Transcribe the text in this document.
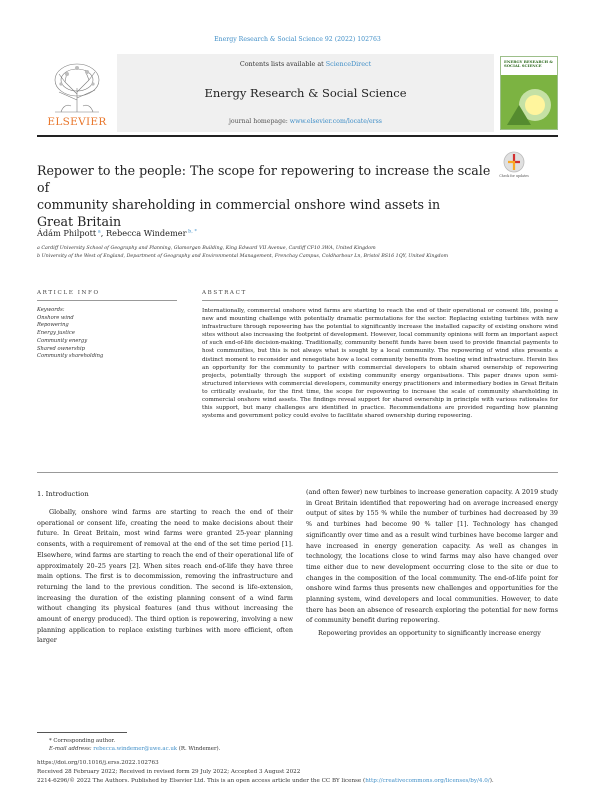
Energy Research & Social Science 92 (2022) 102763
ELSEVIER
Contents lists available at ScienceDirect
Energy Research & Social Science
journal homepage: www.elsevier.com/locate/erss
ENERGY RESEARCH & SOCIAL SCIENCE
Repower to the people: The scope for repowering to increase the scale of
community shareholding in commercial onshore wind assets in
Great Britain
Check for updates
Ádám Philpott $^a$, Rebecca Windemer $^{b, *}$
a Cardiff University School of Geography and Planning, Glamorgan Building, King Edward VII Avenue, Cardiff CF10 3WA, United Kingdom
b University of the West of England, Department of Geography and Environmental Management, Frenchay Campus, Coldharbour Ln, Bristol BS16 1QY, United Kingdom
ARTICLE INFO	ABSTRACT
Keywords:
Onshore wind
Repowering
Energy justice
Community energy
Shared ownership
Community shareholding
Internationally, commercial onshore wind farms are starting to reach the end of their operational or consent life, posing a new and mounting challenge with potentially dramatic permutations for the sector. Replacing existing turbines with new infrastructure through repowering has the potential to significantly increase the installed capacity of existing onshore wind sites without also increasing the footprint of development. However, local community opinions will form an important aspect of such end-of-life decision-making. Traditionally, community benefit funds have been used to provide financial payments to host communities, but this is not always what is sought by a local community. The repowering of wind sites presents a distinct moment to reconsider and renegotiate how a local community benefits from hosting wind infrastructure. Herein lies an opportunity for the community to partner with commercial developers to obtain shared ownership of repowering projects, potentially through the support of existing community energy organisations. This paper draws upon semi-structured interviews with commercial developers, community energy practitioners and intermediary bodies in Great Britain to critically evaluate, for the first time, the scope for repowering to increase the scale of community shareholding in commercial onshore wind assets. The findings reveal support for shared ownership in principle with various rationales for this support, but many challenges are identified in practice. Recommendations are provided regarding how planning systems and government policy could evolve to facilitate shared ownership during repowering.
1. Introduction

Globally, onshore wind farms are starting to reach the end of their operational or consent life, creating the need to make decisions about their future. In Great Britain, most wind farms were granted 25-year planning consents, with a requirement of removal at the end of the set time period [1]. Elsewhere, wind farms are starting to reach the end of their operational life of approximately 20–25 years [2]. When sites reach end-of-life they have three main options. The first is to decommission, removing the infrastructure and returning the land to the previous condition. The second is life-extension, increasing the duration of the existing planning consent of a wind farm without changing its physical features (and thus without increasing the amount of energy produced). The third option is repowering, involving a new planning application to replace existing turbines with more efficient, often larger

(and often fewer) new turbines to increase generation capacity. A 2019 study in Great Britain identified that repowering had on average increased energy output of sites by 155 % while the number of turbines had decreased by 39 % and turbines had become 90 % taller [1]. Technology has changed significantly over time and as a result wind turbines have become larger and have increased in energy generation capacity. As well as changes in technology, the locations close to wind farms may also have changed over time either due to new development occurring close to the site or due to changes in the composition of the local community. The end-of-life point for onshore wind farms thus presents new challenges and opportunities for the planning system, wind developers and local communities. However, to date there has been an absence of research exploring the potential for new forms of community benefit during repowering.

Repowering provides an opportunity to significantly increase energy

* Corresponding author.
E-mail address: rebecca.windemer@uwe.ac.uk (R. Windemer).
https://doi.org/10.1016/j.erss.2022.102763
Received 28 February 2022; Received in revised form 29 July 2022; Accepted 3 August 2022
2214-6296/© 2022 The Authors. Published by Elsevier Ltd. This is an open access article under the CC BY license (http://creativecommons.org/licenses/by/4.0/).
